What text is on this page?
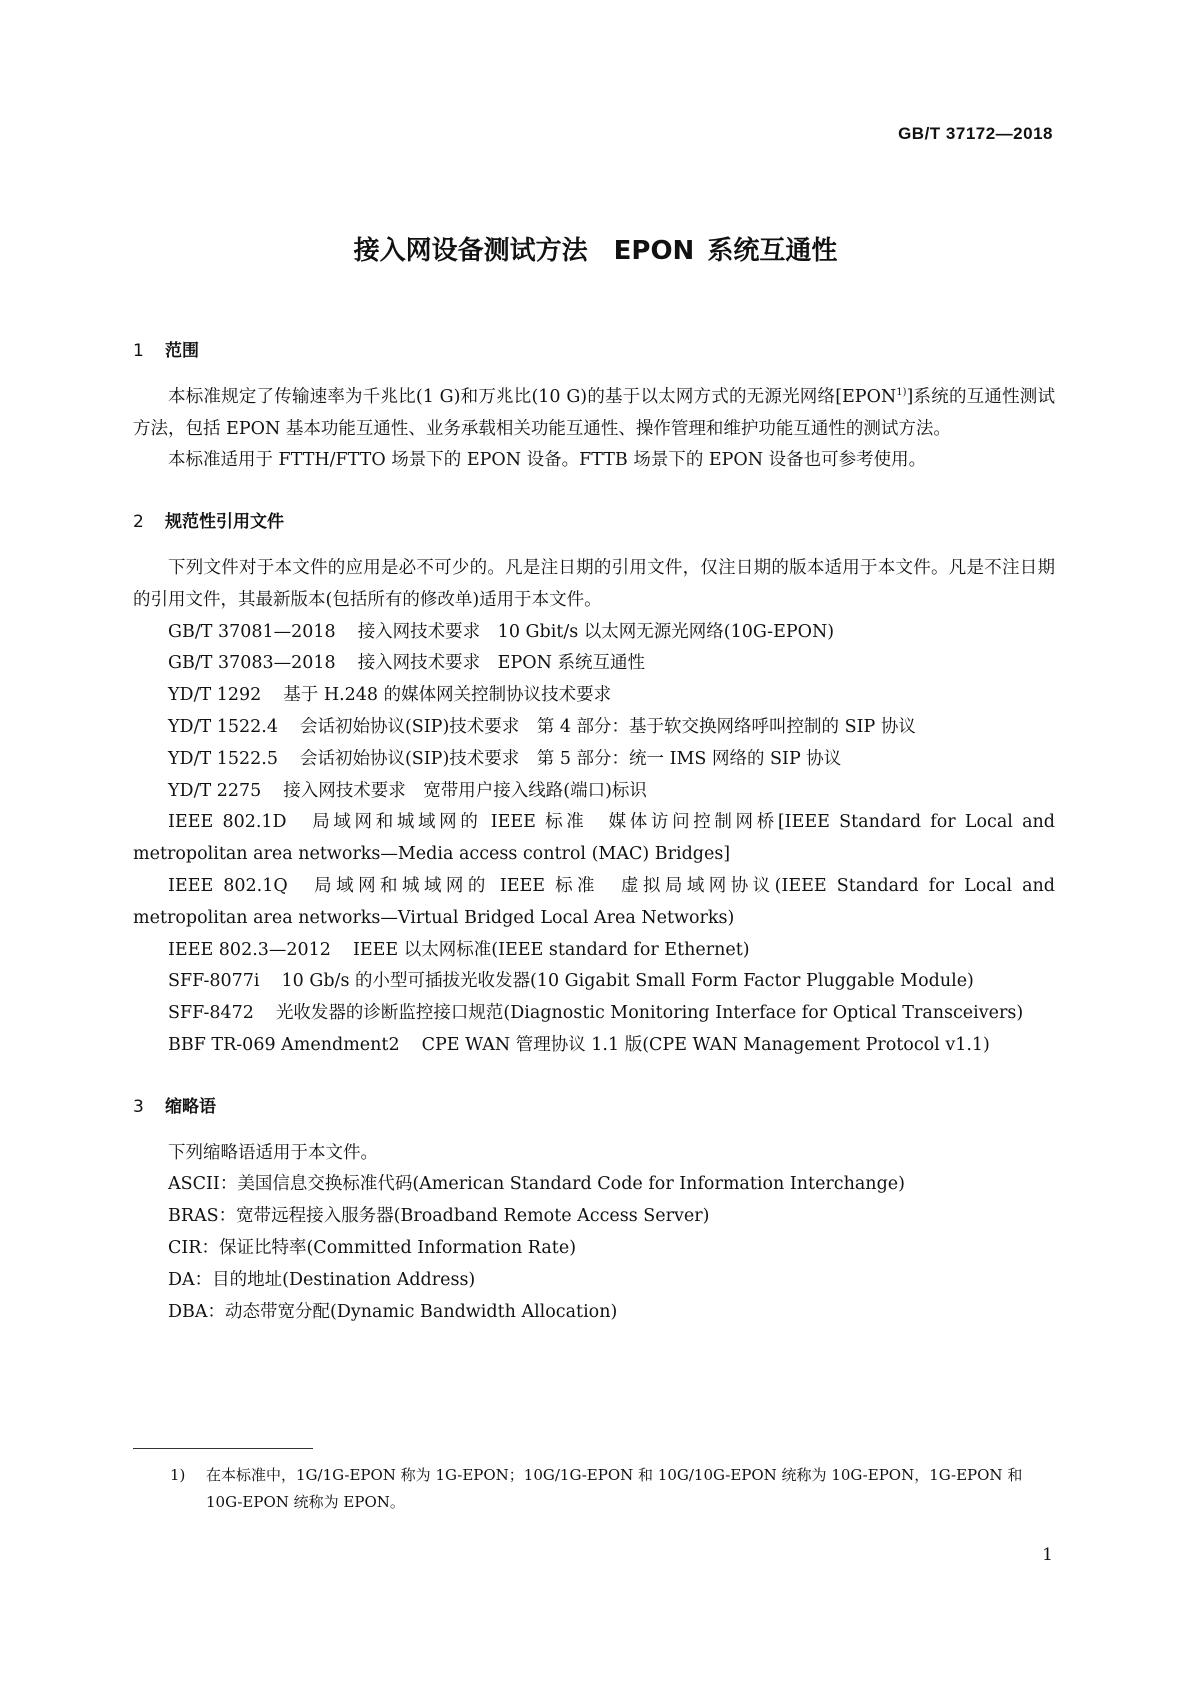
GB/T 37172—2018
接入网设备测试方法　EPON 系统互通性

1 范围

本标准规定了传输速率为千兆比(1 G)和万兆比(10 G)的基于以太网方式的无源光网络[EPON$^{1)}$]系统的互通性测试方法，包括 EPON 基本功能互通性、业务承载相关功能互通性、操作管理和维护功能互通性的测试方法。

本标准适用于 FTTH/FTTO 场景下的 EPON 设备。FTTB 场景下的 EPON 设备也可参考使用。

2 规范性引用文件

下列文件对于本文件的应用是必不可少的。凡是注日期的引用文件，仅注日期的版本适用于本文件。凡是不注日期的引用文件，其最新版本(包括所有的修改单)适用于本文件。

GB/T 37081—2018 接入网技术要求　10 Gbit/s 以太网无源光网络(10G-EPON)

GB/T 37083—2018 接入网技术要求　EPON 系统互通性

YD/T 1292 基于 H.248 的媒体网关控制协议技术要求

YD/T 1522.4 会话初始协议(SIP)技术要求　第 4 部分：基于软交换网络呼叫控制的 SIP 协议

YD/T 1522.5 会话初始协议(SIP)技术要求　第 5 部分：统一 IMS 网络的 SIP 协议

YD/T 2275 接入网技术要求　宽带用户接入线路(端口)标识

IEEE 802.1D 局域网和城域网的 IEEE 标准　媒体访问控制网桥[IEEE Standard for Local and metropolitan area networks—Media access control (MAC) Bridges]

IEEE 802.1Q 局域网和城域网的 IEEE 标准　虚拟局域网协议(IEEE Standard for Local and metropolitan area networks—Virtual Bridged Local Area Networks)

IEEE 802.3—2012 IEEE 以太网标准(IEEE standard for Ethernet)

SFF-8077i 10 Gb/s 的小型可插拔光收发器(10 Gigabit Small Form Factor Pluggable Module)

SFF-8472 光收发器的诊断监控接口规范(Diagnostic Monitoring Interface for Optical Transceivers)

BBF TR-069 Amendment2 CPE WAN 管理协议 1.1 版(CPE WAN Management Protocol v1.1)

3 缩略语

下列缩略语适用于本文件。

ASCII：美国信息交换标准代码(American Standard Code for Information Interchange)

BRAS：宽带远程接入服务器(Broadband Remote Access Server)

CIR：保证比特率(Committed Information Rate)

DA：目的地址(Destination Address)

DBA：动态带宽分配(Dynamic Bandwidth Allocation)

1) 在本标准中，1G/1G-EPON 称为 1G-EPON；10G/1G-EPON 和 10G/10G-EPON 统称为 10G-EPON，1G-EPON 和 10G-EPON 统称为 EPON。
1
